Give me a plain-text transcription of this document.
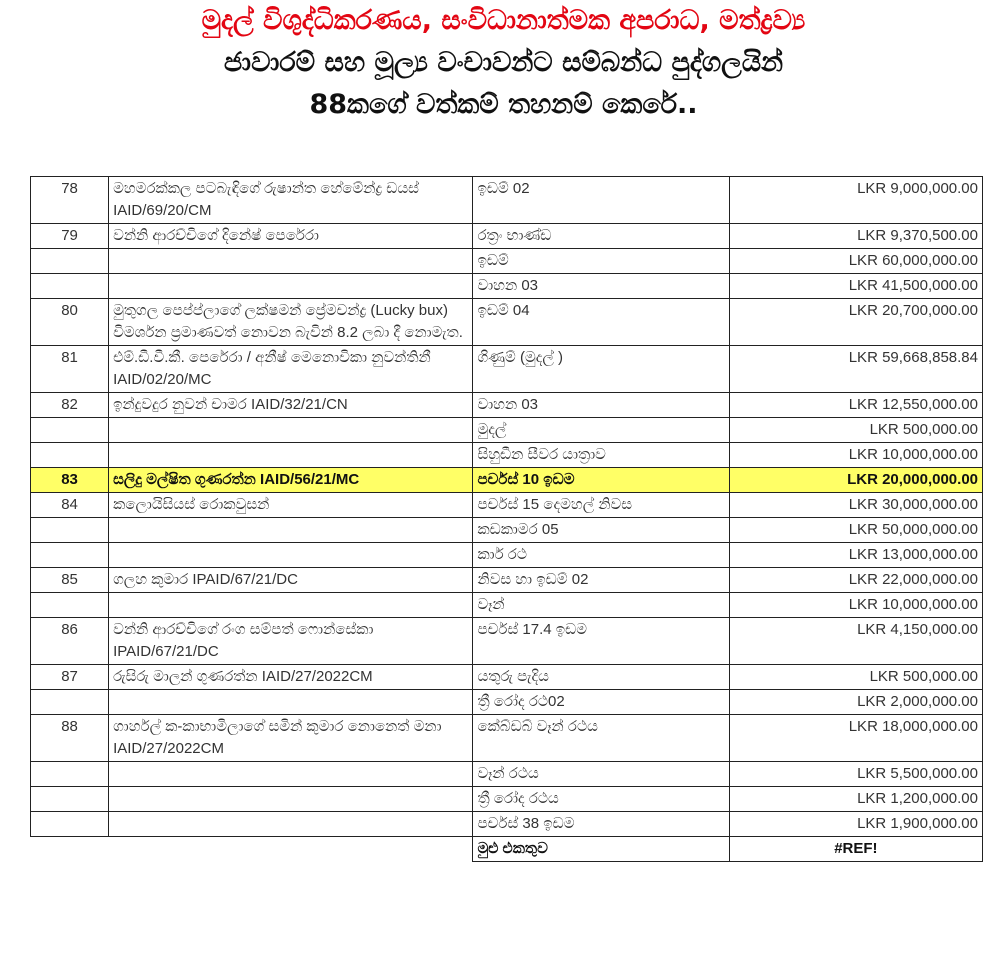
මුදල් විශුද්ධිකරණය, සංවිධානාත්මක අපරාධ, මත්ද්‍රව්‍ය
ජාවාරම් සහ මූල්‍ය වංචාවන්ට සම්බන්ධ පුද්ගලයින්
88කගේ වත්කම් තහනම් කෙරේ..
78	මහමරක්කල පටබැඳිගේ රුෂාන්ත හේමේන්ද්‍ර ඩයස් IAID/69/20/CM	ඉඩම් 02	LKR 9,000,000.00
79	වන්නි ආරච්චිගේ දිනේෂ් පෙරේරා	රත්‍රං භාණ්ඩ	LKR 9,370,500.00
		ඉඩම්	LKR 60,000,000.00
		වාහන 03	LKR 41,500,000.00
80	මුතුගල පෙප්ප්ලාගේ ලක්ෂමන් ප්‍රේමචන්ද්‍ර (Lucky bux) විමර්ශන ප්‍රමාණවත් නොවන බැවින් 8.2 ලබා දී නොමැත.	ඉඩම් 04	LKR 20,700,000.00
81	එම්.ඩී.වී.කී. පෙරේරා / අනීෂ් මෙනොවිකා නුවන්තිනී IAID/02/20/MC	ගිණුම් (මුදල් )	LKR 59,668,858.84
82	ඉන්දුවදුර නුවන් චාමර IAID/32/21/CN	වාහන 03	LKR 12,550,000.00
		මුදල්	LKR 500,000.00
		සිහුඩීන සීවර යාත්‍රාව	LKR 10,000,000.00
83	සලිදු මල්ෂිත ගුණරත්න IAID/56/21/MC	පර්චස් 10 ඉඩම	LKR 20,000,000.00
84	කලොයිසියස් රොකවුසන්	පර්චස් 15 දෙමහල් නිවස	LKR 30,000,000.00
		කඩකාමර 05	LKR 50,000,000.00
		කාර් රථ	LKR 13,000,000.00
85	ගලහ කුමාර IPAID/67/21/DC	නිවස හා ඉඩම් 02	LKR 22,000,000.00
		වෑන්	LKR 10,000,000.00
86	වන්නි ආරච්චිගේ රංග සම්පත් ෆොන්සේකා IPAID/67/21/DC	පර්චස් 17.4 ඉඩම	LKR 4,150,000.00
87	රුසිරු මාලන් ගුණරත්න IAID/27/2022CM	යතුරු පැදිය	LKR 500,000.00
		ත්‍රී රෝද රථ02	LKR 2,000,000.00
88	ගාර්හල් ක-කාභාමිලාගේ සමින් කුමාර නොනෙත් මනා IAID/27/2022CM	කේබ්ඩබ් වෑන් රථය	LKR 18,000,000.00
		වෑන් රථය	LKR 5,500,000.00
		ත්‍රී රෝද රථය	LKR 1,200,000.00
		පර්චස් 38 ඉඩම	LKR 1,900,000.00
		මුළු එකතුව	#REF!
